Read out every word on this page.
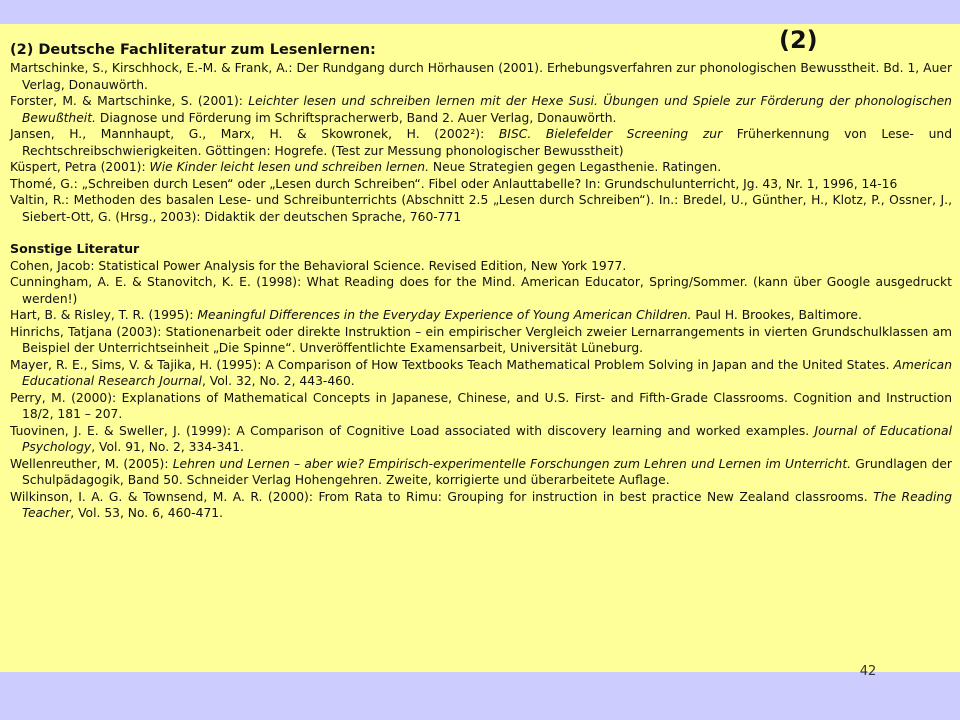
(2) Deutsche Fachliteratur zum Lesenlernen:	(2)
Martschinke, S., Kirschhock, E.-M. & Frank, A.: Der Rundgang durch Hörhausen (2001). Erhebungsverfahren zur phonologischen Bewusstheit. Bd. 1, Auer Verlag, Donauwörth.
Forster, M. & Martschinke, S. (2001): Leichter lesen und schreiben lernen mit der Hexe Susi. Übungen und Spiele zur Förderung der phonologischen Bewußtheit. Diagnose und Förderung im Schriftspracherwerb, Band 2. Auer Verlag, Donauwörth.
Jansen, H., Mannhaupt, G., Marx, H. & Skowronek, H. (2002²): BISC. Bielefelder Screening zur Früherkennung von Lese- und Rechtschreibschwierigkeiten. Göttingen: Hogrefe. (Test zur Messung phonologischer Bewusstheit)
Küspert, Petra (2001): Wie Kinder leicht lesen und schreiben lernen. Neue Strategien gegen Legasthenie. Ratingen.
Thomé, G.: „Schreiben durch Lesen“ oder „Lesen durch Schreiben“. Fibel oder Anlauttabelle? In: Grundschulunterricht, Jg. 43, Nr. 1, 1996, 14-16
Valtin, R.: Methoden des basalen Lese- und Schreibunterrichts (Abschnitt 2.5 „Lesen durch Schreiben“). In.: Bredel, U., Günther, H., Klotz, P., Ossner, J., Siebert-Ott, G. (Hrsg., 2003): Didaktik der deutschen Sprache, 760-771
Sonstige Literatur
Cohen, Jacob: Statistical Power Analysis for the Behavioral Science. Revised Edition, New York 1977.
Cunningham, A. E. & Stanovitch, K. E. (1998): What Reading does for the Mind. American Educator, Spring/Sommer. (kann über Google ausgedruckt werden!)
Hart, B. & Risley, T. R. (1995): Meaningful Differences in the Everyday Experience of Young American Children. Paul H. Brookes, Baltimore.
Hinrichs, Tatjana (2003): Stationenarbeit oder direkte Instruktion – ein empirischer Vergleich zweier Lernarrangements in vierten Grundschulklassen am Beispiel der Unterrichtseinheit „Die Spinne“. Unveröffentlichte Examensarbeit, Universität Lüneburg.
Mayer, R. E., Sims, V. & Tajika, H. (1995): A Comparison of How Textbooks Teach Mathematical Problem Solving in Japan and the United States. American Educational Research Journal, Vol. 32, No. 2, 443-460.
Perry, M. (2000): Explanations of Mathematical Concepts in Japanese, Chinese, and U.S. First- and Fifth-Grade Classrooms. Cognition and Instruction 18/2, 181 – 207.
Tuovinen, J. E. & Sweller, J. (1999): A Comparison of Cognitive Load associated with discovery learning and worked examples. Journal of Educational Psychology, Vol. 91, No. 2, 334-341.
Wellenreuther, M. (2005): Lehren und Lernen – aber wie? Empirisch-experimentelle Forschungen zum Lehren und Lernen im Unterricht. Grundlagen der Schulpädagogik, Band 50. Schneider Verlag Hohengehren. Zweite, korrigierte und überarbeitete Auflage.
Wilkinson, I. A. G. & Townsend, M. A. R. (2000): From Rata to Rimu: Grouping for instruction in best practice New Zealand classrooms. The Reading Teacher, Vol. 53, No. 6, 460-471.
42
